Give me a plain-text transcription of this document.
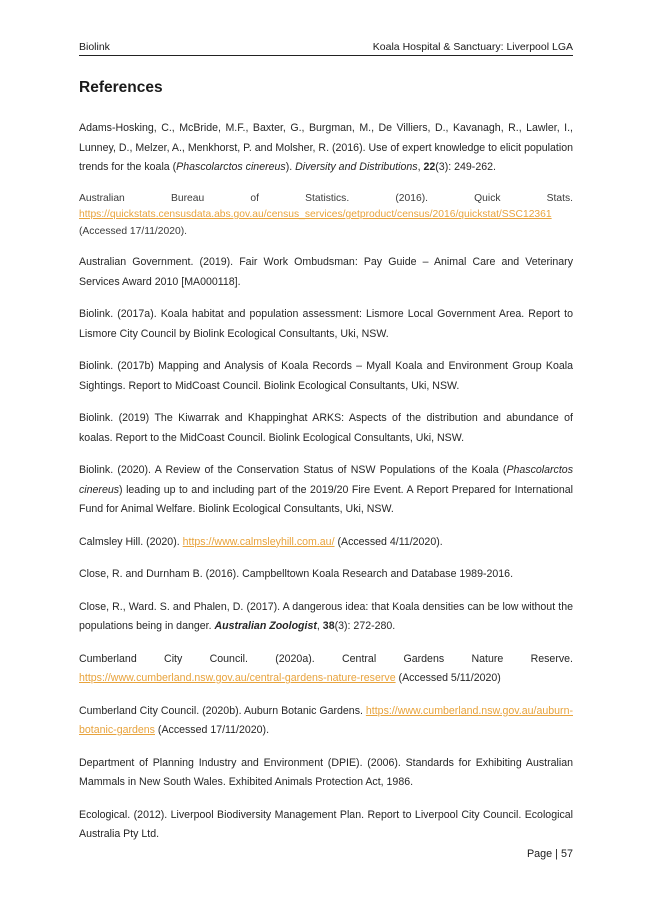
Biolink	Koala Hospital & Sanctuary: Liverpool LGA
References

Adams-Hosking, C., McBride, M.F., Baxter, G., Burgman, M., De Villiers, D., Kavanagh, R., Lawler, I., Lunney, D., Melzer, A., Menkhorst, P. and Molsher, R. (2016). Use of expert knowledge to elicit population trends for the koala (Phascolarctos cinereus). Diversity and Distributions, 22(3): 249-262.

Australian Bureau of Statistics. (2016). Quick Stats. https://quickstats.censusdata.abs.gov.au/census_services/getproduct/census/2016/quickstat/SSC12361 (Accessed 17/11/2020).

Australian Government. (2019). Fair Work Ombudsman: Pay Guide – Animal Care and Veterinary Services Award 2010 [MA000118].

Biolink. (2017a). Koala habitat and population assessment: Lismore Local Government Area. Report to Lismore City Council by Biolink Ecological Consultants, Uki, NSW.

Biolink. (2017b) Mapping and Analysis of Koala Records – Myall Koala and Environment Group Koala Sightings. Report to MidCoast Council. Biolink Ecological Consultants, Uki, NSW.

Biolink. (2019) The Kiwarrak and Khappinghat ARKS: Aspects of the distribution and abundance of koalas. Report to the MidCoast Council. Biolink Ecological Consultants, Uki, NSW.

Biolink. (2020). A Review of the Conservation Status of NSW Populations of the Koala (Phascolarctos cinereus) leading up to and including part of the 2019/20 Fire Event. A Report Prepared for International Fund for Animal Welfare. Biolink Ecological Consultants, Uki, NSW.

Calmsley Hill. (2020). https://www.calmsleyhill.com.au/ (Accessed 4/11/2020).

Close, R. and Durnham B. (2016). Campbelltown Koala Research and Database 1989-2016.

Close, R., Ward. S. and Phalen, D. (2017). A dangerous idea: that Koala densities can be low without the populations being in danger. Australian Zoologist, 38(3): 272-280.

Cumberland City Council. (2020a). Central Gardens Nature Reserve. https://www.cumberland.nsw.gov.au/central-gardens-nature-reserve (Accessed 5/11/2020)

Cumberland City Council. (2020b). Auburn Botanic Gardens. https://www.cumberland.nsw.gov.au/auburn-botanic-gardens (Accessed 17/11/2020).

Department of Planning Industry and Environment (DPIE). (2006). Standards for Exhibiting Australian Mammals in New South Wales. Exhibited Animals Protection Act, 1986.

Ecological. (2012). Liverpool Biodiversity Management Plan. Report to Liverpool City Council. Ecological Australia Pty Ltd.

Page | 57
